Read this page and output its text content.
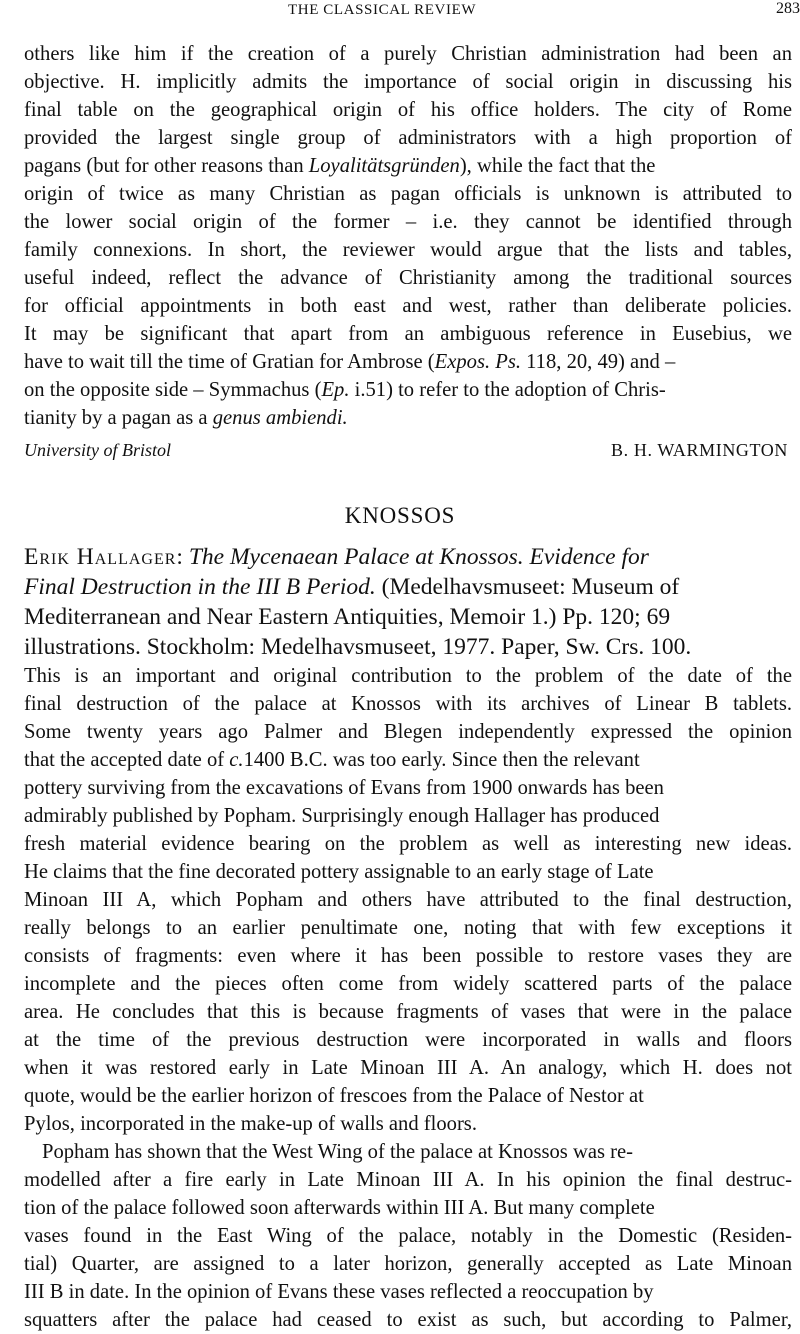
THE CLASSICAL REVIEW	283
others like him if the creation of a purely Christian administration had been an
objective. H. implicitly admits the importance of social origin in discussing his
final table on the geographical origin of his office holders. The city of Rome
provided the largest single group of administrators with a high proportion of
pagans (but for other reasons than Loyalitätsgründen), while the fact that the
origin of twice as many Christian as pagan officials is unknown is attributed to
the lower social origin of the former – i.e. they cannot be identified through
family connexions. In short, the reviewer would argue that the lists and tables,
useful indeed, reflect the advance of Christianity among the traditional sources
for official appointments in both east and west, rather than deliberate policies.
It may be significant that apart from an ambiguous reference in Eusebius, we
have to wait till the time of Gratian for Ambrose (Expos. Ps. 118, 20, 49) and –
on the opposite side – Symmachus (Ep. i.51) to refer to the adoption of Chris-
tianity by a pagan as a genus ambiendi.
University of Bristol	B. H. WARMINGTON
KNOSSOS
Erik Hallager: The Mycenaean Palace at Knossos. Evidence for
Final Destruction in the III B Period. (Medelhavsmuseet: Museum of
Mediterranean and Near Eastern Antiquities, Memoir 1.) Pp. 120; 69
illustrations. Stockholm: Medelhavsmuseet, 1977. Paper, Sw. Crs. 100.
This is an important and original contribution to the problem of the date of the
final destruction of the palace at Knossos with its archives of Linear B tablets.
Some twenty years ago Palmer and Blegen independently expressed the opinion
that the accepted date of c.1400 B.C. was too early. Since then the relevant
pottery surviving from the excavations of Evans from 1900 onwards has been
admirably published by Popham. Surprisingly enough Hallager has produced
fresh material evidence bearing on the problem as well as interesting new ideas.
He claims that the fine decorated pottery assignable to an early stage of Late
Minoan III A, which Popham and others have attributed to the final destruction,
really belongs to an earlier penultimate one, noting that with few exceptions it
consists of fragments: even where it has been possible to restore vases they are
incomplete and the pieces often come from widely scattered parts of the palace
area. He concludes that this is because fragments of vases that were in the palace
at the time of the previous destruction were incorporated in walls and floors
when it was restored early in Late Minoan III A. An analogy, which H. does not
quote, would be the earlier horizon of frescoes from the Palace of Nestor at
Pylos, incorporated in the make-up of walls and floors.
Popham has shown that the West Wing of the palace at Knossos was re-
modelled after a fire early in Late Minoan III A. In his opinion the final destruc-
tion of the palace followed soon afterwards within III A. But many complete
vases found in the East Wing of the palace, notably in the Domestic (Residen-
tial) Quarter, are assigned to a later horizon, generally accepted as Late Minoan
III B in date. In the opinion of Evans these vases reflected a reoccupation by
squatters after the palace had ceased to exist as such, but according to Palmer,
